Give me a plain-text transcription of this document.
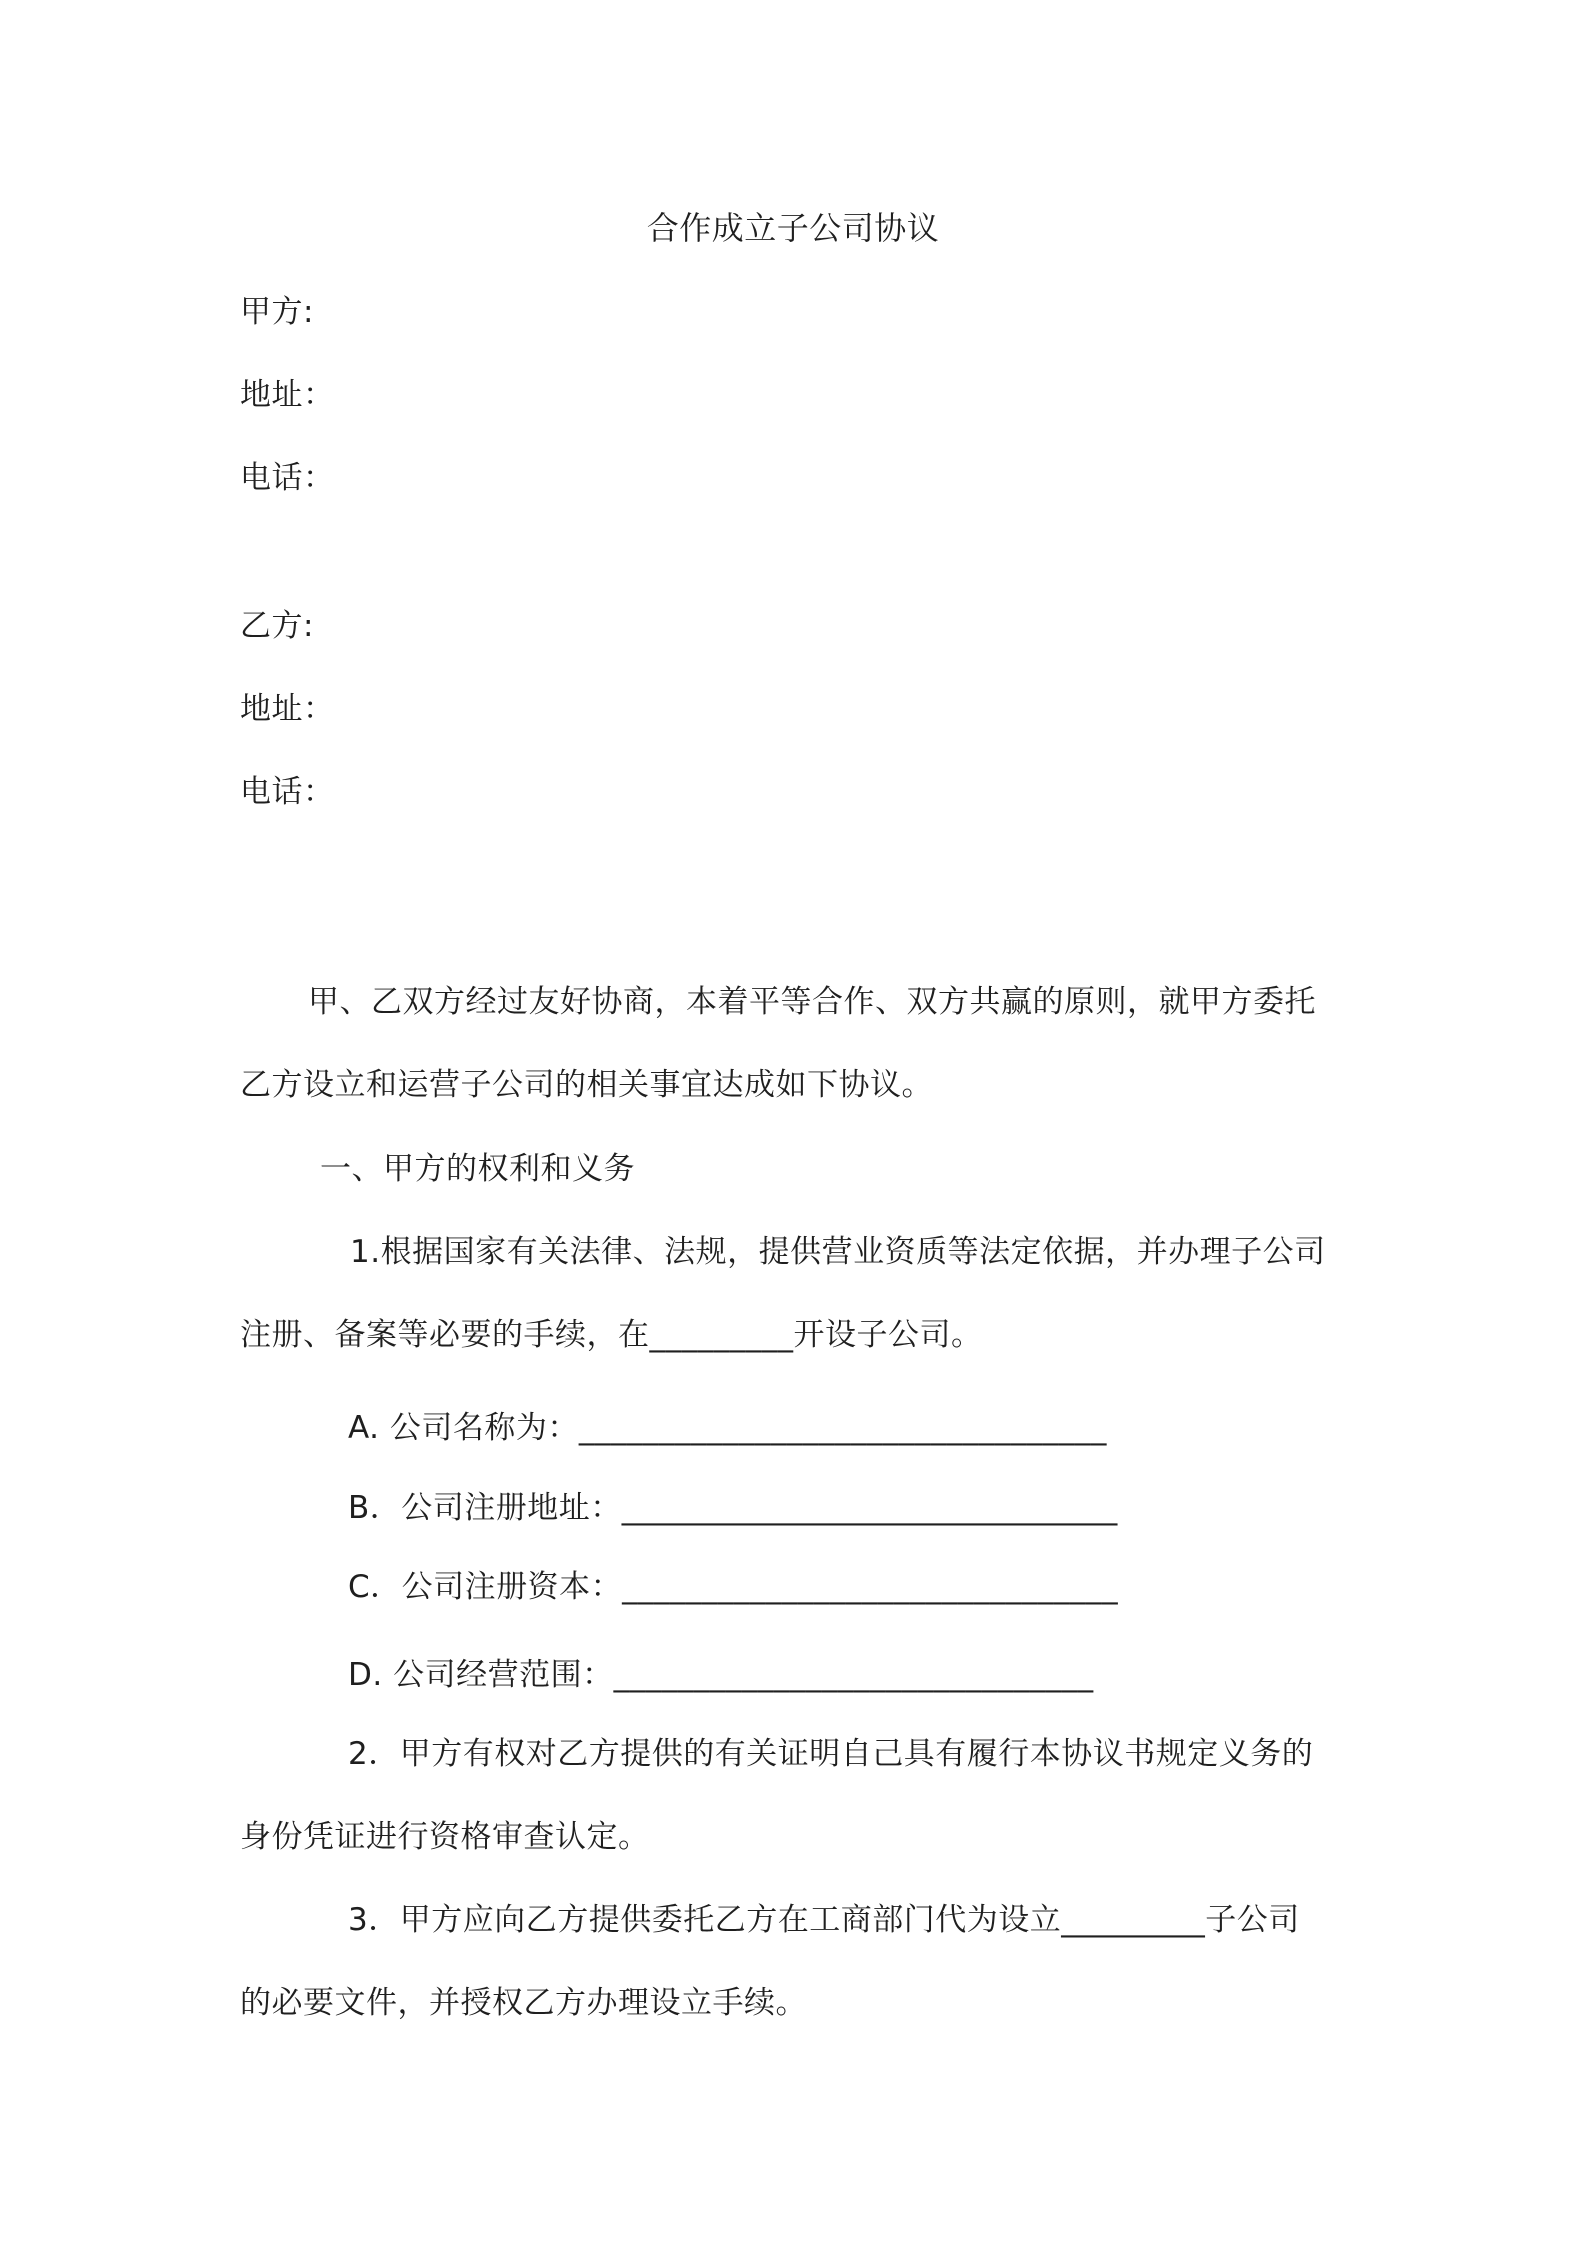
合作成立子公司协议
甲方:
地址：
电话：
乙方:
地址：
电话：
甲、乙双方经过友好协商，本着平等合作、双方共赢的原则，就甲方委托
乙方设立和运营子公司的相关事宜达成如下协议。
一、甲方的权利和义务
1.根据国家有关法律、法规，提供营业资质等法定依据，并办理子公司
注册、备案等必要的手续，在_________开设子公司。
A. 公司名称为：_________________________________
B．公司注册地址：_______________________________
C．公司注册资本：_______________________________
D. 公司经营范围：______________________________
2．甲方有权对乙方提供的有关证明自己具有履行本协议书规定义务的
身份凭证进行资格审查认定。
3．甲方应向乙方提供委托乙方在工商部门代为设立_________子公司
的必要文件，并授权乙方办理设立手续。
